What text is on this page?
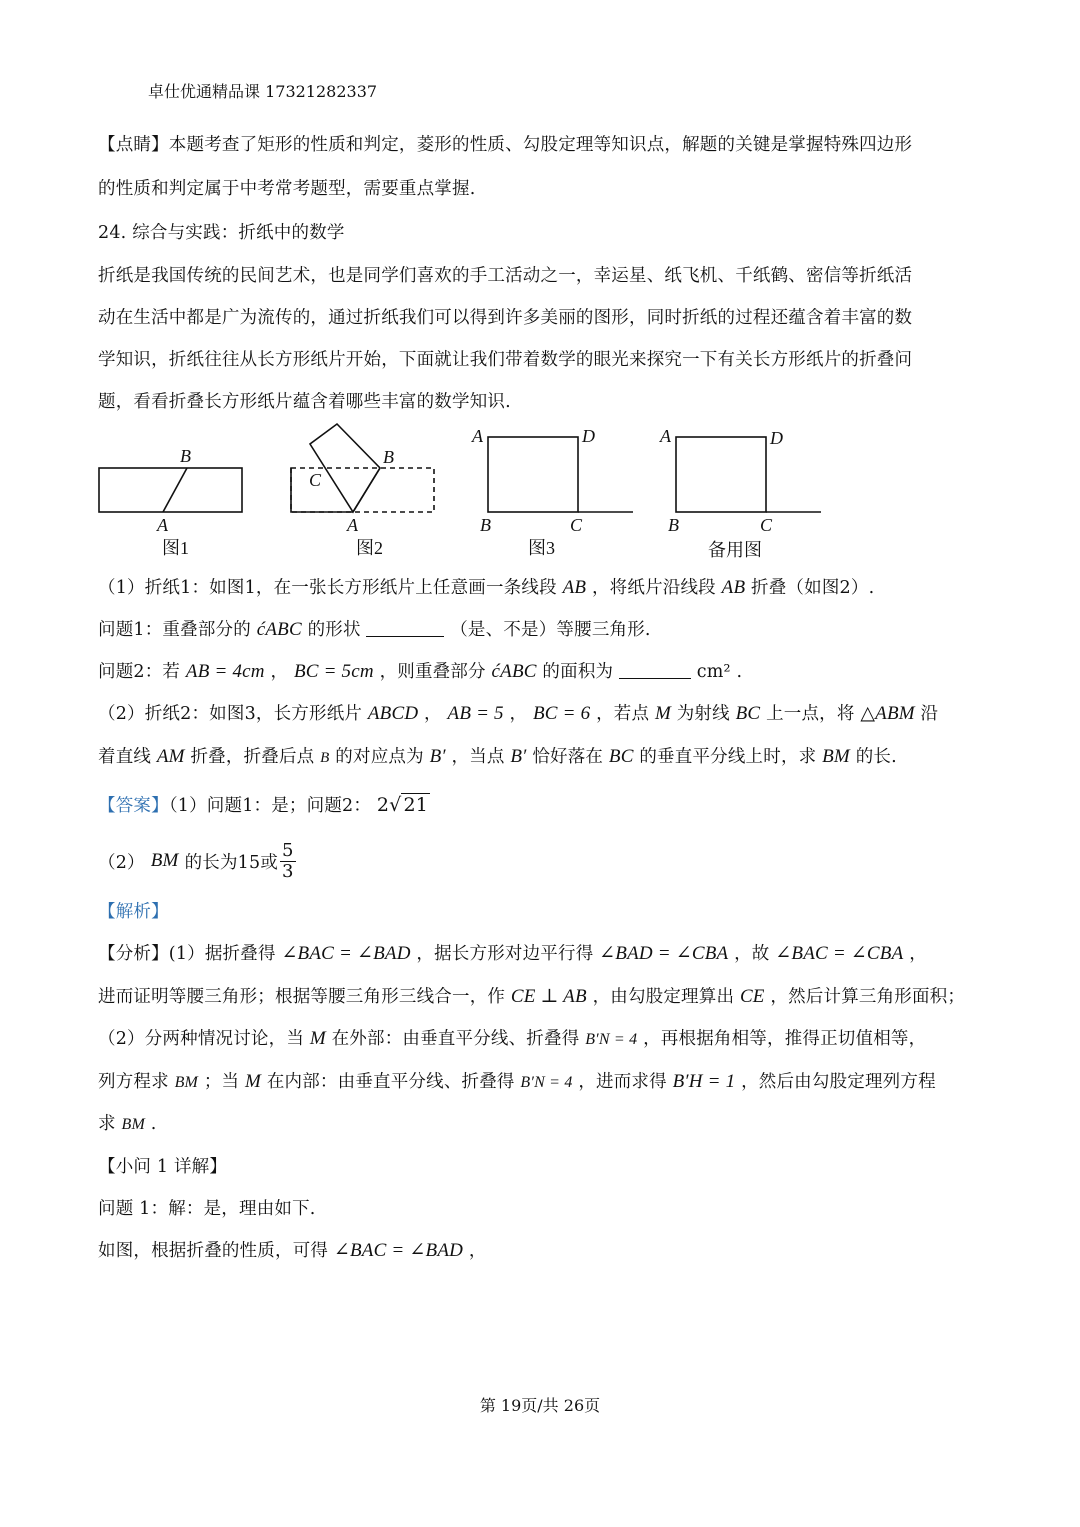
卓仕优通精品课 17321282337
【点睛】本题考查了矩形的性质和判定，菱形的性质、勾股定理等知识点，解题的关键是掌握特殊四边形
的性质和判定属于中考常考题型，需要重点掌握.
24. 综合与实践：折纸中的数学
折纸是我国传统的民间艺术，也是同学们喜欢的手工活动之一，幸运星、纸飞机、千纸鹤、密信等折纸活
动在生活中都是广为流传的，通过折纸我们可以得到许多美丽的图形，同时折纸的过程还蕴含着丰富的数
学知识，折纸往往从长方形纸片开始，下面就让我们带着数学的眼光来探究一下有关长方形纸片的折叠问
题，看看折叠长方形纸片蕴含着哪些丰富的数学知识.
B
A
C
B
A
A	D
B	C
A	D
B	C
图1	图2	图3	备用图
（1）折纸1：如图1，在一张长方形纸片上任意画一条线段 AB ，将纸片沿线段 AB 折叠（如图2）.
问题1：重叠部分的 ćABC 的形状	（是、不是）等腰三角形.
问题2：若 AB = 4cm ， BC = 5cm ，则重叠部分 ćABC 的面积为	cm² .
（2）折纸2：如图3，长方形纸片 ABCD ， AB = 5 ， BC = 6 ，若点 M 为射线 BC 上一点，将 △ABM 沿
着直线 AM 折叠，折叠后点 B 的对应点为 B′ ，当点 B′ 恰好落在 BC 的垂直平分线上时，求 BM 的长.
【答案】（1）问题1：是；问题2： 2√ 21
（2） BM 的长为15或 $\frac{5}{3}$
【解析】
【分析】(1）据折叠得 ∠BAC = ∠BAD ，据长方形对边平行得 ∠BAD = ∠CBA ，故 ∠BAC = ∠CBA ，
进而证明等腰三角形；根据等腰三角形三线合一，作 CE ⊥ AB ，由勾股定理算出 CE ，然后计算三角形面积；
（2）分两种情况讨论，当 M 在外部：由垂直平分线、折叠得 B′N = 4 ，再根据角相等，推得正切值相等，
列方程求 BM ；当 M 在内部：由垂直平分线、折叠得 B′N = 4 ，进而求得 B′H = 1 ，然后由勾股定理列方程
求 BM .
【小问 1 详解】
问题 1：解：是，理由如下.
如图，根据折叠的性质，可得 ∠BAC = ∠BAD ，
第 19页/共 26页
